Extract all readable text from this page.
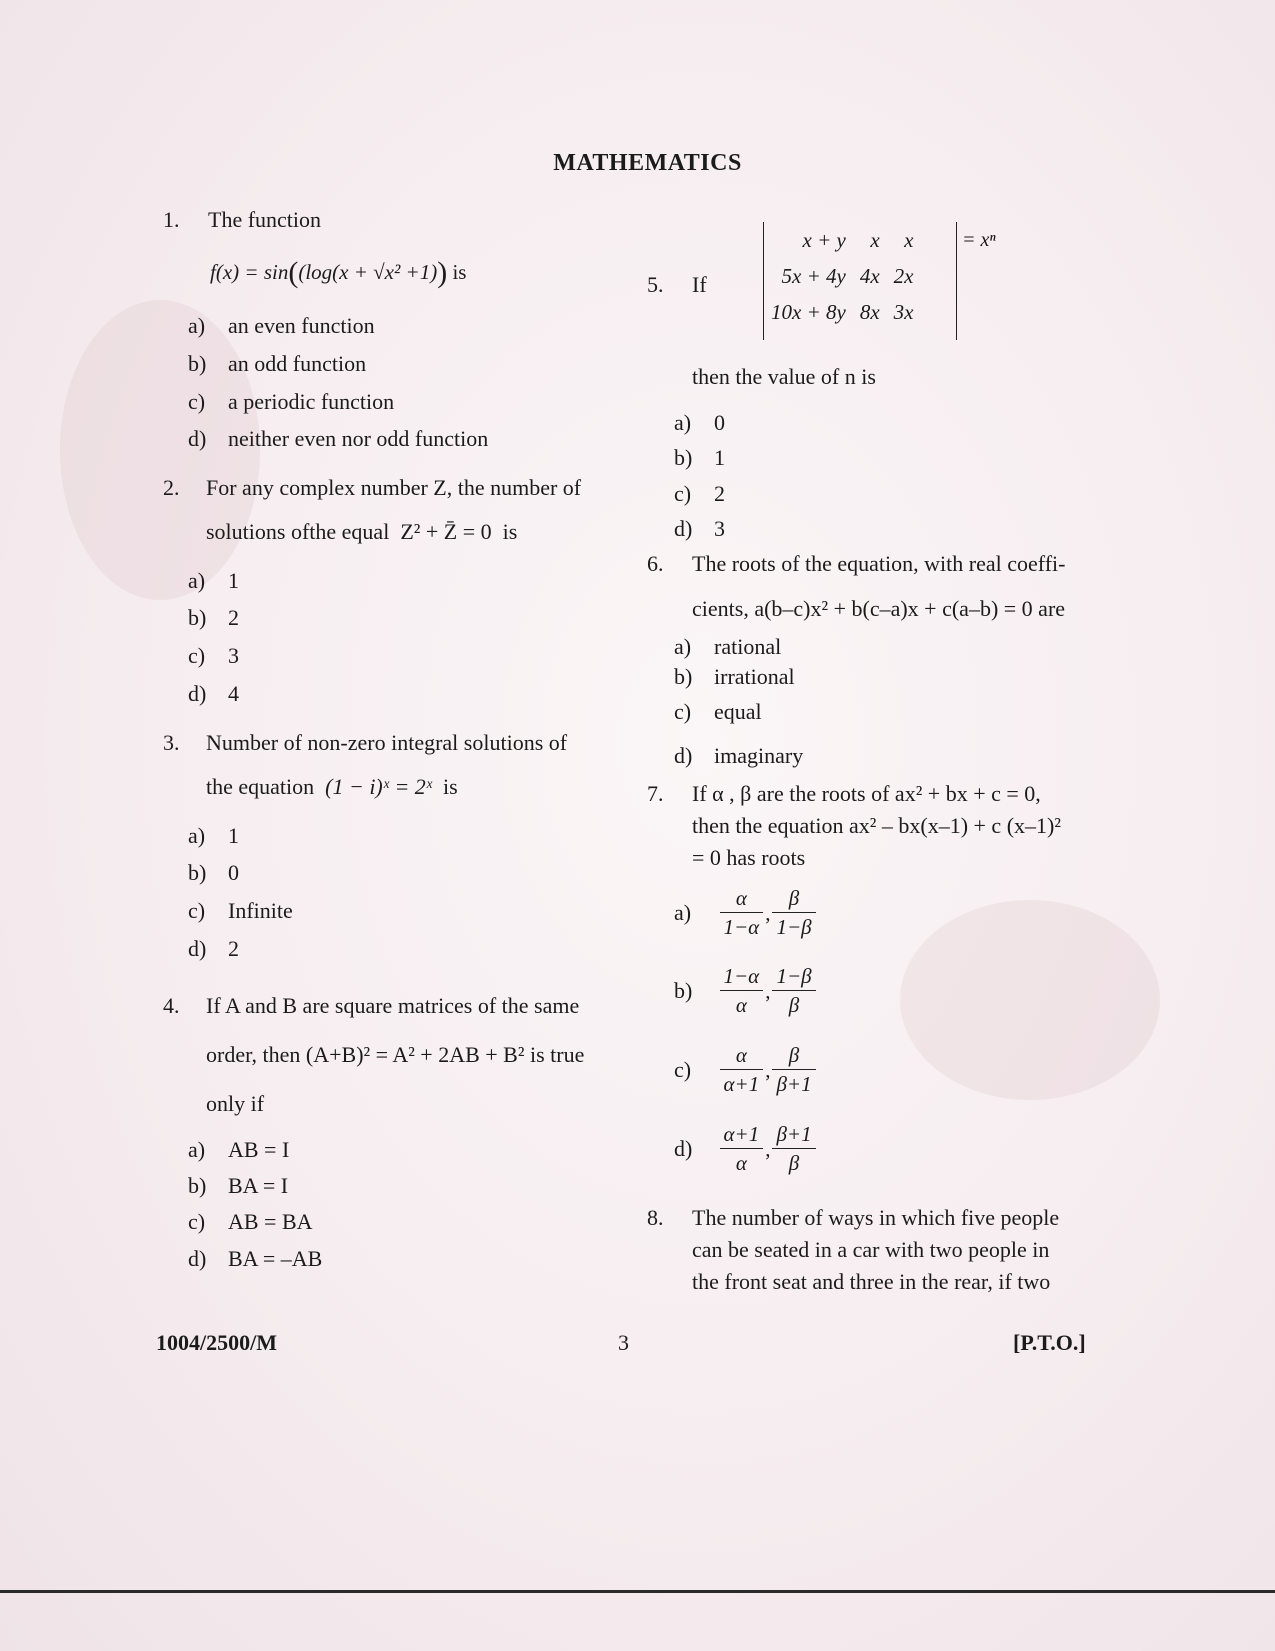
MATHEMATICS
1. The function
f(x) = sin((log(x + √x² +1)) is
a) an even function
b) an odd function
c) a periodic function
d) neither even nor odd function
2. For any complex number Z, the number of
solutions ofthe equal Z² + Z̄ = 0 is
a) 1
b) 2
c) 3
d) 4
3. Number of non-zero integral solutions of
the equation (1 − i)ˣ = 2ˣ is
a) 1
b) 0
c) Infinite
d) 2
4. If A and B are square matrices of the same
order, then (A+B)² = A² + 2AB + B² is true
only if
a) AB = I
b) BA = I
c) AB = BA
d) BA = –AB
5. If
x + y	x	x
5x + 4y	4x	2x
10x + 8y	8x	3x
= xⁿ
then the value of n is
a) 0
b) 1
c) 2
d) 3
6. The roots of the equation, with real coeffi-
cients, a(b–c)x² + b(c–a)x + c(a–b) = 0 are
a) rational
b) irrational
c) equal
d) imaginary
7. If α , β are the roots of ax² + bx + c = 0,
then the equation ax² – bx(x–1) + c (x–1)²
= 0 has roots
$a) \frac{\alpha}{1-\alpha}$ , $\frac{\beta}{1-\beta}$
$b) \frac{1-\alpha}{\alpha}$ , $\frac{1-\beta}{\beta}$
$c) \frac{\alpha}{\alpha+1}$ , $\frac{\beta}{\beta+1}$
$d) \frac{\alpha+1}{\alpha}$ , $\frac{\beta+1}{\beta}$
8. The number of ways in which five people
can be seated in a car with two people in
the front seat and three in the rear, if two
1004/2500/M	3	[P.T.O.]
